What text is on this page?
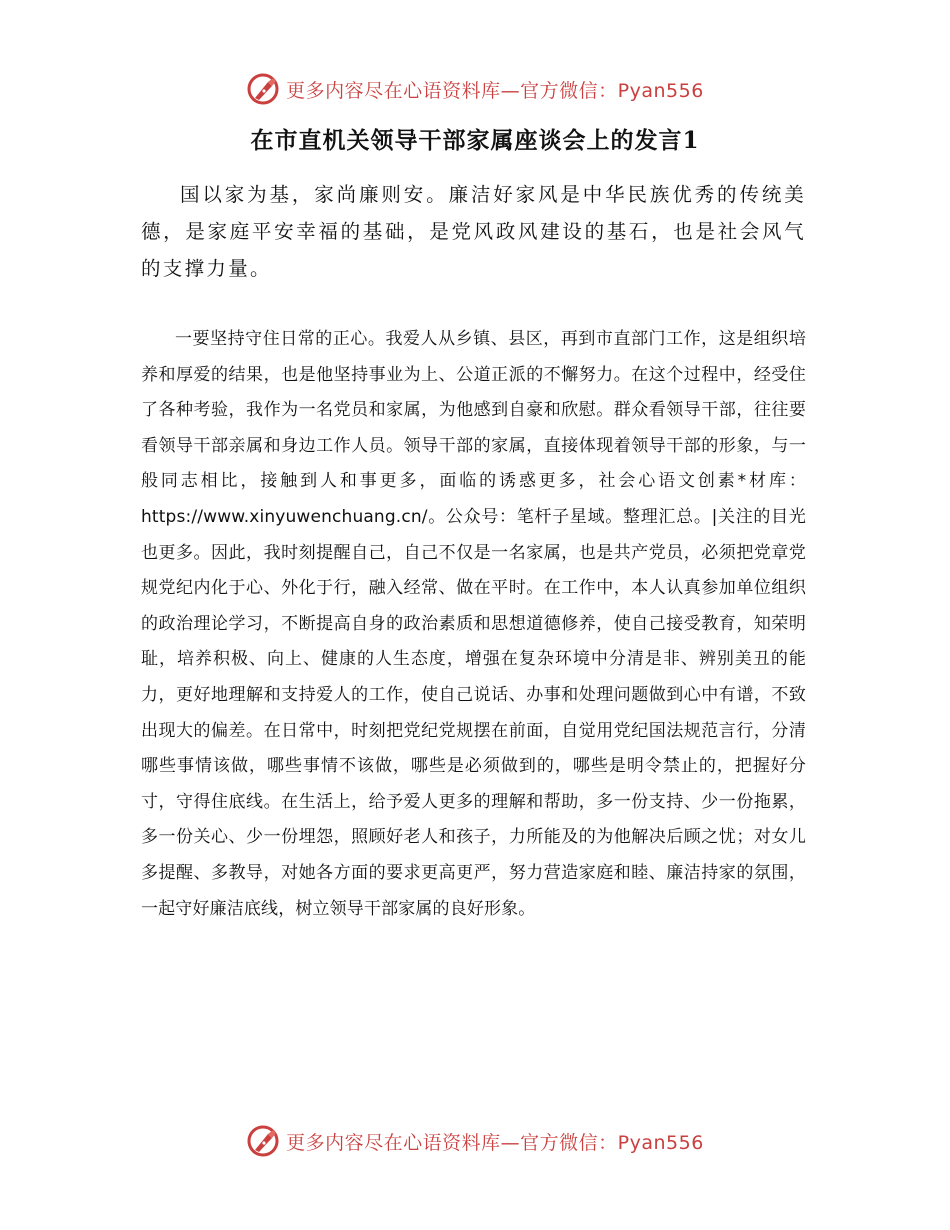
更多内容尽在心语资料库—官方微信：Pyan556
在市直机关领导干部家属座谈会上的发言1

国以家为基，家尚廉则安。廉洁好家风是中华民族优秀的传统美德，是家庭平安幸福的基础，是党风政风建设的基石，也是社会风气的支撑力量。

一要坚持守住日常的正心。我爱人从乡镇、县区，再到市直部门工作，这是组织培养和厚爱的结果，也是他坚持事业为上、公道正派的不懈努力。在这个过程中，经受住了各种考验，我作为一名党员和家属，为他感到自豪和欣慰。群众看领导干部，往往要看领导干部亲属和身边工作人员。领导干部的家属，直接体现着领导干部的形象，与一般同志相比，接触到人和事更多，面临的诱惑更多，社会心语文创素*材库：https://www.xinyuwenchuang.cn/。公众号：笔杆子星域。整理汇总。|关注的目光也更多。因此，我时刻提醒自己，自己不仅是一名家属，也是共产党员，必须把党章党规党纪内化于心、外化于行，融入经常、做在平时。在工作中，本人认真参加单位组织的政治理论学习，不断提高自身的政治素质和思想道德修养，使自己接受教育，知荣明耻，培养积极、向上、健康的人生态度，增强在复杂环境中分清是非、辨别美丑的能力，更好地理解和支持爱人的工作，使自己说话、办事和处理问题做到心中有谱，不致出现大的偏差。在日常中，时刻把党纪党规摆在前面，自觉用党纪国法规范言行，分清哪些事情该做，哪些事情不该做，哪些是必须做到的，哪些是明令禁止的，把握好分寸，守得住底线。在生活上，给予爱人更多的理解和帮助，多一份支持、少一份拖累，多一份关心、少一份埋怨，照顾好老人和孩子，力所能及的为他解决后顾之忧；对女儿多提醒、多教导，对她各方面的要求更高更严，努力营造家庭和睦、廉洁持家的氛围，一起守好廉洁底线，树立领导干部家属的良好形象。

更多内容尽在心语资料库—官方微信：Pyan556
